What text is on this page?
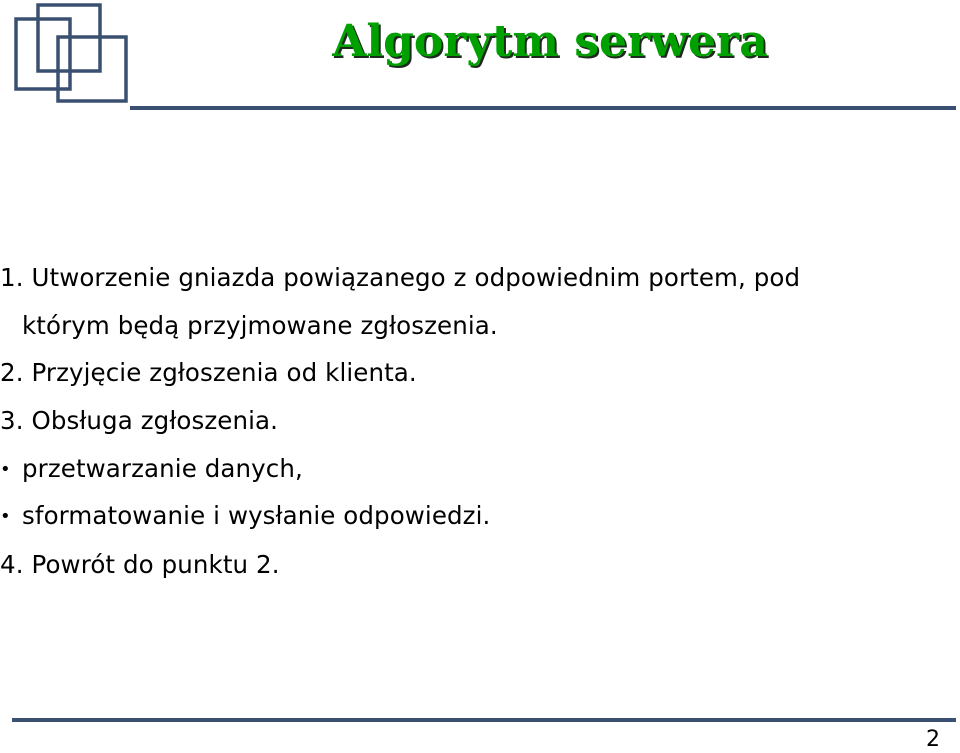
Algorytm serwera
1. Utworzenie gniazda powiązanego z odpowiednim portem, pod
którym będą przyjmowane zgłoszenia.
2. Przyjęcie zgłoszenia od klienta.
3. Obsługa zgłoszenia.
• przetwarzanie danych,
• sformatowanie i wysłanie odpowiedzi.
4. Powrót do punktu 2.
2
